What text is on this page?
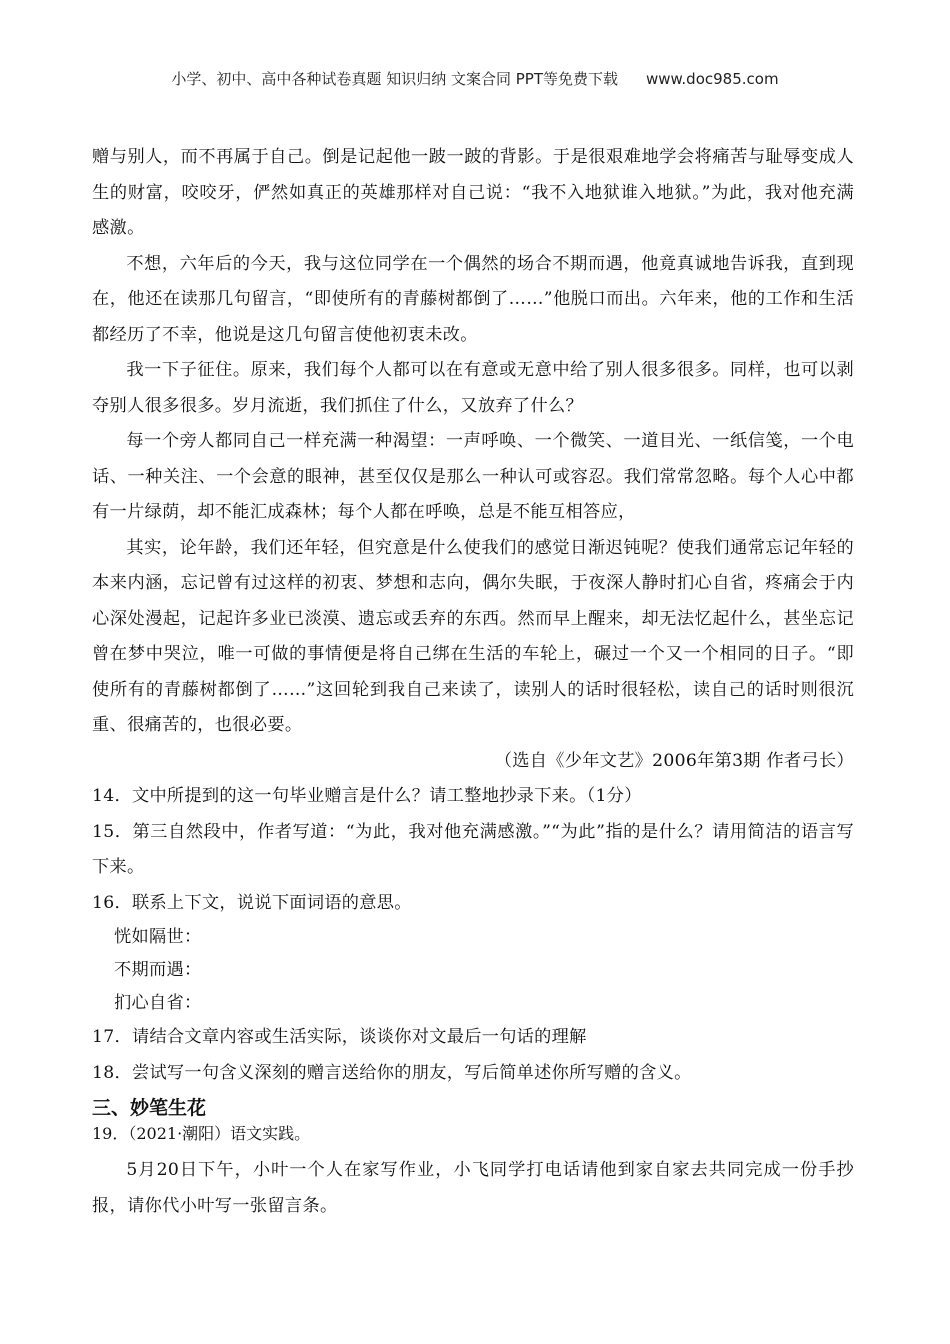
小学、初中、高中各种试卷真题 知识归纳 文案合同 PPT等免费下载 www.doc985.com

赠与别人，而不再属于自己。倒是记起他一跛一跛的背影。于是很艰难地学会将痛苦与耻辱变成人生的财富，咬咬牙，俨然如真正的英雄那样对自己说：“我不入地狱谁入地狱。”为此，我对他充满感激。

不想，六年后的今天，我与这位同学在一个偶然的场合不期而遇，他竟真诚地告诉我，直到现在，他还在读那几句留言，“即使所有的青藤树都倒了……”他脱口而出。六年来，他的工作和生活都经历了不幸，他说是这几句留言使他初衷未改。

我一下子征住。原来，我们每个人都可以在有意或无意中给了别人很多很多。同样，也可以剥夺别人很多很多。岁月流逝，我们抓住了什么，又放弃了什么？

每一个旁人都同自己一样充满一种渴望：一声呼唤、一个微笑、一道目光、一纸信笺，一个电话、一种关注、一个会意的眼神，甚至仅仅是那么一种认可或容忍。我们常常忽略。每个人心中都有一片绿荫，却不能汇成森林；每个人都在呼唤，总是不能互相答应，

其实，论年龄，我们还年轻，但究意是什么使我们的感觉日渐迟钝呢？使我们通常忘记年轻的本来内涵，忘记曾有过这样的初衷、梦想和志向，偶尔失眠，于夜深人静时扪心自省，疼痛会于内心深处漫起，记起许多业已淡漠、遗忘或丢弃的东西。然而早上醒来，却无法忆起什么，甚坐忘记曾在梦中哭泣，唯一可做的事情便是将自己绑在生活的车轮上，碾过一个又一个相同的日子。“即使所有的青藤树都倒了……”这回轮到我自己来读了，读别人的话时很轻松，读自己的话时则很沉重、很痛苦的，也很必要。

（选自《少年文艺》2006年第3期 作者弓长）

14．文中所提到的这一句毕业赠言是什么？请工整地抄录下来。（1分）

15．第三自然段中，作者写道：“为此，我对他充满感激。”“为此”指的是什么？请用简洁的语言写下来。

16．联系上下文，说说下面词语的意思。

恍如隔世：

不期而遇：

扪心自省：

17．请结合文章内容或生活实际，谈谈你对文最后一句话的理解

18．尝试写一句含义深刻的赠言送给你的朋友，写后简单述你所写赠的含义。

三、妙笔生花

19．（2021·潮阳）语文实践。

5月20日下午，小叶一个人在家写作业，小飞同学打电话请他到家自家去共同完成一份手抄报，请你代小叶写一张留言条。
